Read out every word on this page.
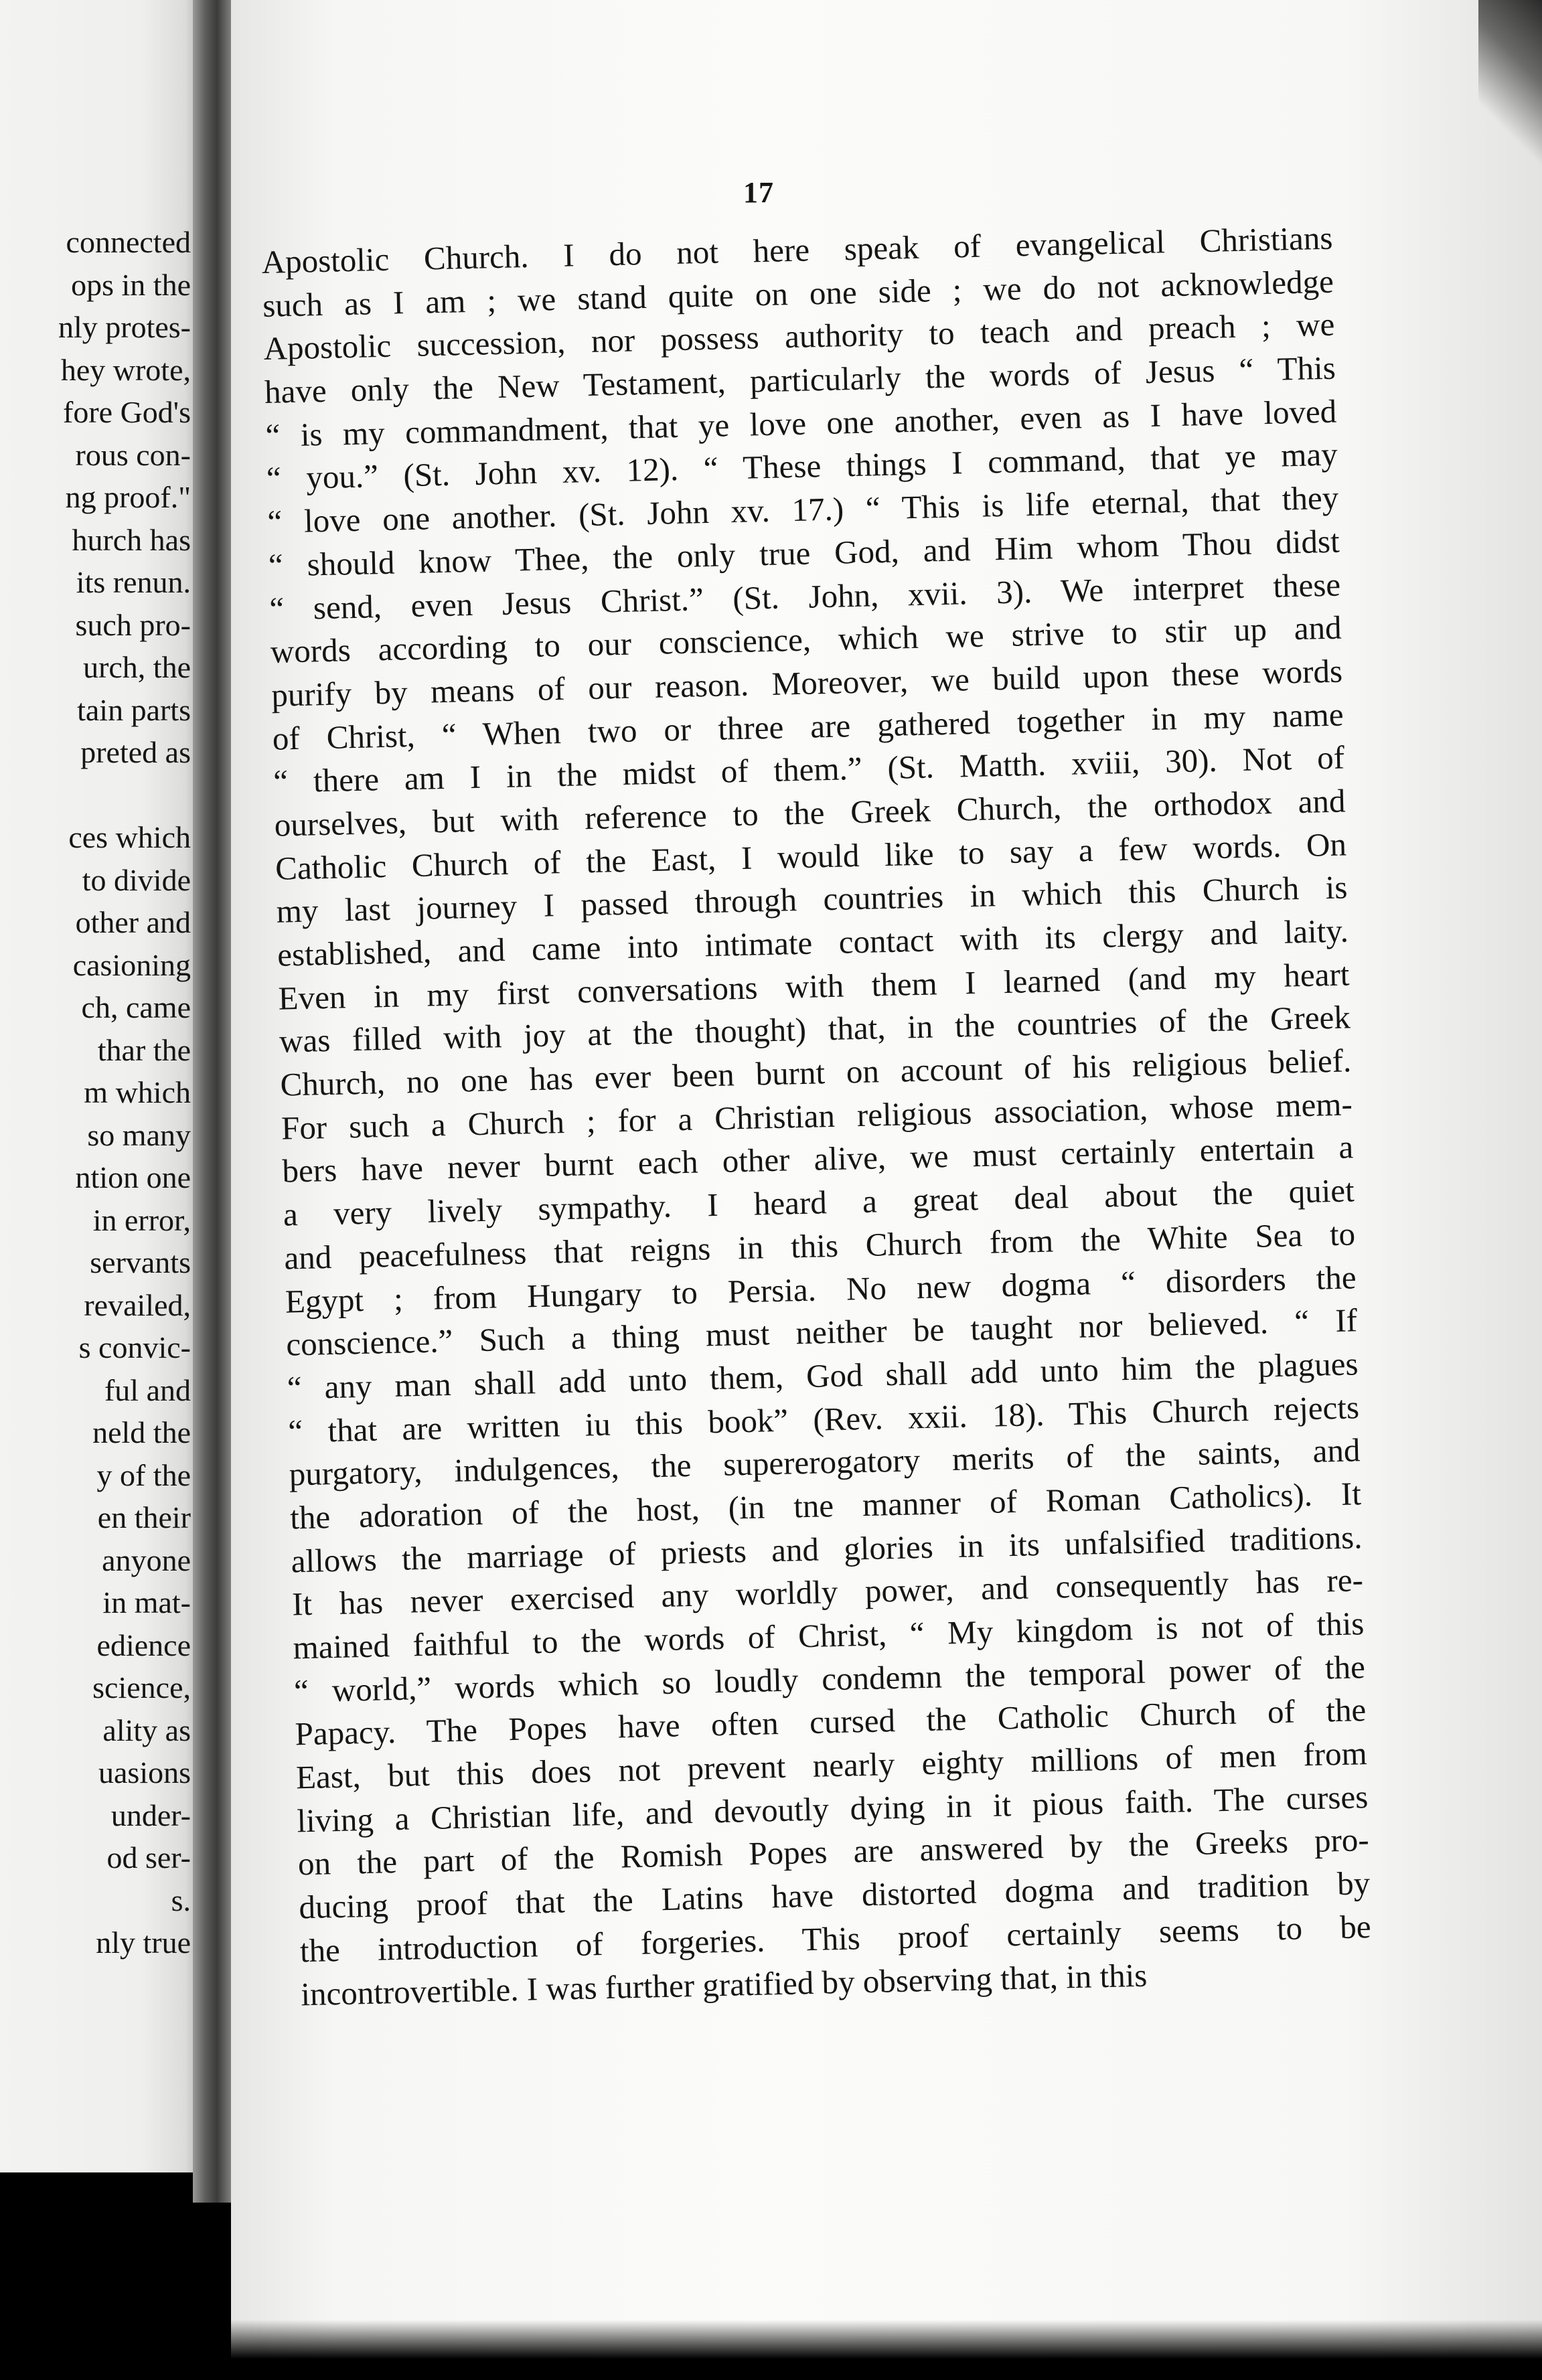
connected
ops in the
nly protes-
hey wrote,
fore God's
rous con-
ng proof."
hurch has
its renun.
such pro-
urch, the
tain parts
preted as
ces which
to divide
other and
casioning
ch, came
thar the
m which
so many
ntion one
in error,
servants
revailed,
s convic-
ful and
neld the
y of the
en their
anyone
in mat-
edience
science,
ality as
uasions
under-
od ser-
s.
nly true
17
Apostolic Church. I do not here speak of evangelical Christians
such as I am ; we stand quite on one side ; we do not acknowledge
Apostolic succession, nor possess authority to teach and preach ; we
have only the New Testament, particularly the words of Jesus “ This
“ is my commandment, that ye love one another, even as I have loved
“ you.” (St. John xv. 12). “ These things I command, that ye may
“ love one another. (St. John xv. 17.) “ This is life eternal, that they
“ should know Thee, the only true God, and Him whom Thou didst
“ send, even Jesus Christ.” (St. John, xvii. 3). We interpret these
words according to our conscience, which we strive to stir up and
purify by means of our reason. Moreover, we build upon these words
of Christ, “ When two or three are gathered together in my name
“ there am I in the midst of them.” (St. Matth. xviii, 30). Not of
ourselves, but with reference to the Greek Church, the orthodox and
Catholic Church of the East, I would like to say a few words. On
my last journey I passed through countries in which this Church is
established, and came into intimate contact with its clergy and laity.
Even in my first conversations with them I learned (and my heart
was filled with joy at the thought) that, in the countries of the Greek
Church, no one has ever been burnt on account of his religious belief.
For such a Church ; for a Christian religious association, whose mem-
bers have never burnt each other alive, we must certainly entertain a
a very lively sympathy. I heard a great deal about the quiet
and peacefulness that reigns in this Church from the White Sea to
Egypt ; from Hungary to Persia. No new dogma “ disorders the
conscience.” Such a thing must neither be taught nor believed. “ If
“ any man shall add unto them, God shall add unto him the plagues
“ that are written iu this book” (Rev. xxii. 18). This Church rejects
purgatory, indulgences, the supererogatory merits of the saints, and
the adoration of the host, (in tne manner of Roman Catholics). It
allows the marriage of priests and glories in its unfalsified traditions.
It has never exercised any worldly power, and consequently has re-
mained faithful to the words of Christ, “ My kingdom is not of this
“ world,” words which so loudly condemn the temporal power of the
Papacy. The Popes have often cursed the Catholic Church of the
East, but this does not prevent nearly eighty millions of men from
living a Christian life, and devoutly dying in it pious faith. The curses
on the part of the Romish Popes are answered by the Greeks pro-
ducing proof that the Latins have distorted dogma and tradition by
the introduction of forgeries. This proof certainly seems to be
incontrovertible. I was further gratified by observing that, in this
